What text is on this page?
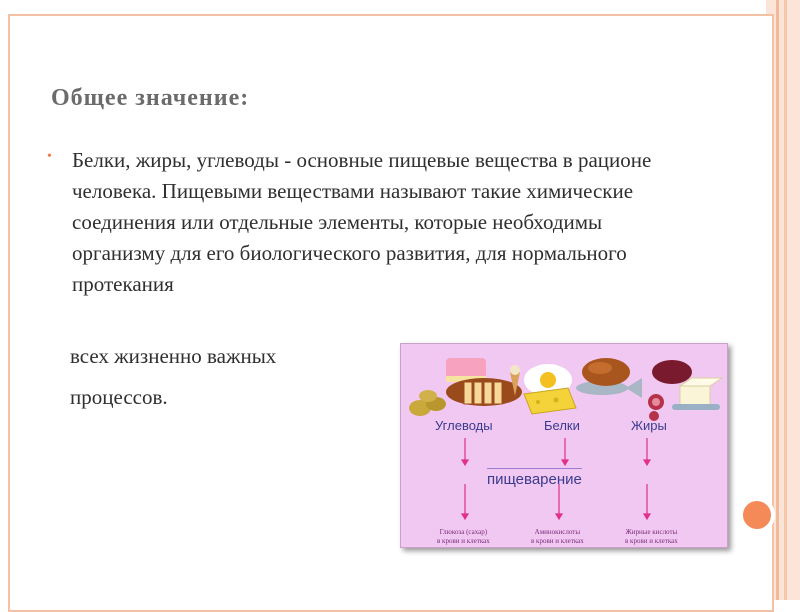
Общее значение:
• Белки, жиры, углеводы - основные пищевые вещества в рационе человека. Пищевыми веществами называют такие химические соединения или отдельные элементы, которые необходимы организму для его биологического развития, для нормального протекания
всех жизненно важных
процессов.
Углеводы	Белки	Жиры
пищеварение
Глюкоза (сахар)
в крови и клетках
Аминокислоты
в крови и клетках
Жирные кислоты
в крови и клетках
